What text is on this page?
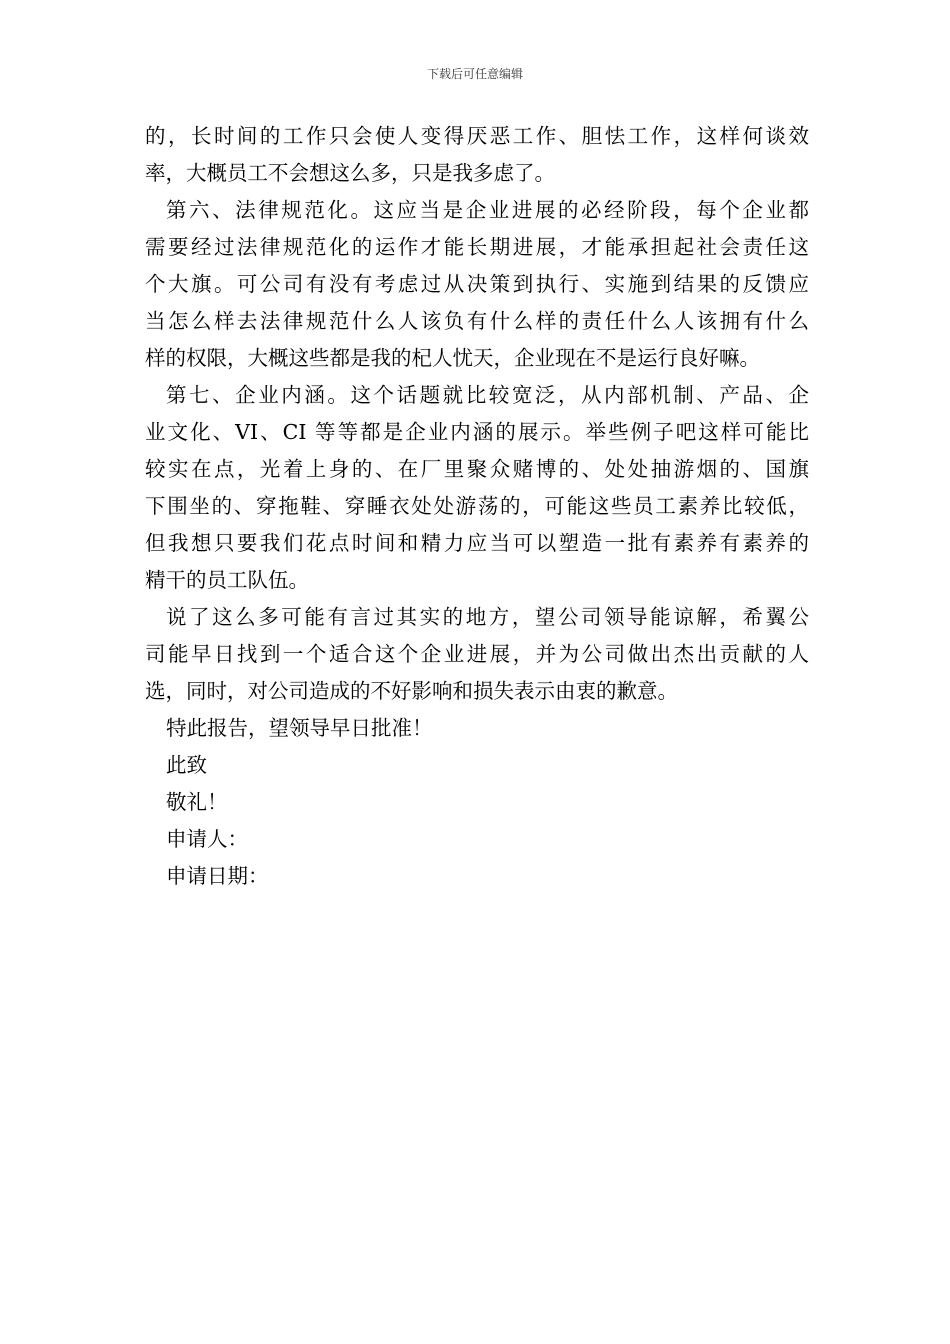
下载后可任意编辑
的，长时间的工作只会使人变得厌恶工作、胆怯工作，这样何谈效
率，大概员工不会想这么多，只是我多虑了。
第六、法律规范化。这应当是企业进展的必经阶段，每个企业都
需要经过法律规范化的运作才能长期进展，才能承担起社会责任这
个大旗。可公司有没有考虑过从决策到执行、实施到结果的反馈应
当怎么样去法律规范什么人该负有什么样的责任什么人该拥有什么
样的权限，大概这些都是我的杞人忧天，企业现在不是运行良好嘛。
第七、企业内涵。这个话题就比较宽泛，从内部机制、产品、企
业文化、VI、CI 等等都是企业内涵的展示。举些例子吧这样可能比
较实在点，光着上身的、在厂里聚众赌博的、处处抽游烟的、国旗
下围坐的、穿拖鞋、穿睡衣处处游荡的，可能这些员工素养比较低，
但我想只要我们花点时间和精力应当可以塑造一批有素养有素养的
精干的员工队伍。
说了这么多可能有言过其实的地方，望公司领导能谅解，希翼公
司能早日找到一个适合这个企业进展，并为公司做出杰出贡献的人
选，同时，对公司造成的不好影响和损失表示由衷的歉意。
特此报告，望领导早日批准！
此致
敬礼！
申请人：
申请日期：
